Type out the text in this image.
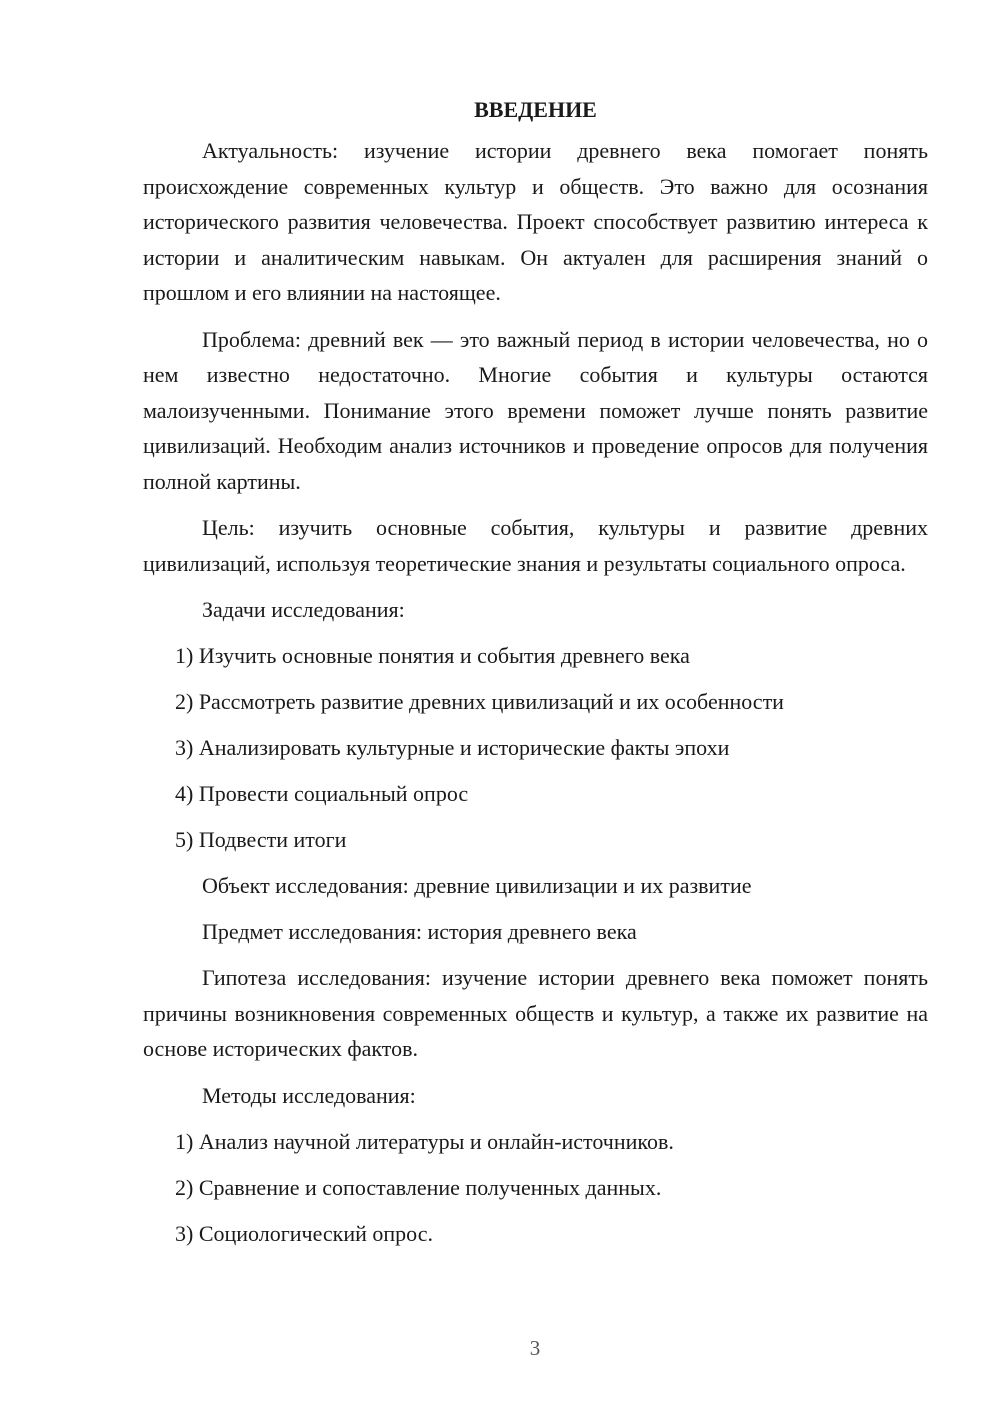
ВВЕДЕНИЕ

Актуальность: изучение истории древнего века помогает понять происхождение современных культур и обществ. Это важно для осознания исторического развития человечества. Проект способствует развитию интереса к истории и аналитическим навыкам. Он актуален для расширения знаний о прошлом и его влиянии на настоящее.

Проблема: древний век — это важный период в истории человечества, но о нем известно недостаточно. Многие события и культуры остаются малоизученными. Понимание этого времени поможет лучше понять развитие цивилизаций. Необходим анализ источников и проведение опросов для получения полной картины.

Цель: изучить основные события, культуры и развитие древних цивилизаций, используя теоретические знания и результаты социального опроса.

Задачи исследования:
1) Изучить основные понятия и события древнего века
2) Рассмотреть развитие древних цивилизаций и их особенности
3) Анализировать культурные и исторические факты эпохи
4) Провести социальный опрос
5) Подвести итоги
Объект исследования: древние цивилизации и их развитие
Предмет исследования: история древнего века

Гипотеза исследования: изучение истории древнего века поможет понять причины возникновения современных обществ и культур, а также их развитие на основе исторических фактов.

Методы исследования:
1) Анализ научной литературы и онлайн-источников.
2) Сравнение и сопоставление полученных данных.
3) Социологический опрос.
3
